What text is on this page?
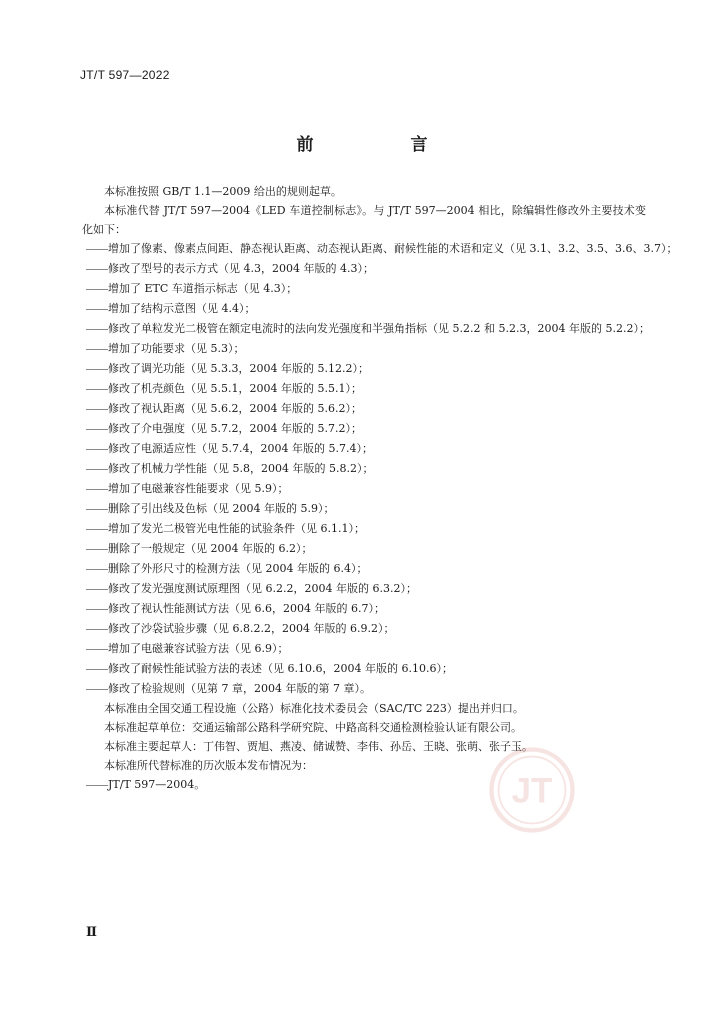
JT/T 597—2022
前　言

本标准按照 GB/T 1.1—2009 给出的规则起草。

本标准代替 JT/T 597—2004《LED 车道控制标志》。与 JT/T 597—2004 相比，除编辑性修改外主要技术变化如下：

——增加了像素、像素点间距、静态视认距离、动态视认距离、耐候性能的术语和定义（见 3.1、3.2、3.5、3.6、3.7）；

——修改了型号的表示方式（见 4.3，2004 年版的 4.3）；

——增加了 ETC 车道指示标志（见 4.3）；

——增加了结构示意图（见 4.4）；

——修改了单粒发光二极管在额定电流时的法向发光强度和半强角指标（见 5.2.2 和 5.2.3，2004 年版的 5.2.2）；

——增加了功能要求（见 5.3）；

——修改了调光功能（见 5.3.3，2004 年版的 5.12.2）；

——修改了机壳颜色（见 5.5.1，2004 年版的 5.5.1）；

——修改了视认距离（见 5.6.2，2004 年版的 5.6.2）；

——修改了介电强度（见 5.7.2，2004 年版的 5.7.2）；

——修改了电源适应性（见 5.7.4，2004 年版的 5.7.4）；

——修改了机械力学性能（见 5.8，2004 年版的 5.8.2）；

——增加了电磁兼容性能要求（见 5.9）；

——删除了引出线及色标（见 2004 年版的 5.9）；

——增加了发光二极管光电性能的试验条件（见 6.1.1）；

——删除了一般规定（见 2004 年版的 6.2）；

——删除了外形尺寸的检测方法（见 2004 年版的 6.4）；

——修改了发光强度测试原理图（见 6.2.2，2004 年版的 6.3.2）；

——修改了视认性能测试方法（见 6.6，2004 年版的 6.7）；

——修改了沙袋试验步骤（见 6.8.2.2，2004 年版的 6.9.2）；

——增加了电磁兼容试验方法（见 6.9）；

——修改了耐候性能试验方法的表述（见 6.10.6，2004 年版的 6.10.6）；

——修改了检验规则（见第 7 章，2004 年版的第 7 章）。

本标准由全国交通工程设施（公路）标准化技术委员会（SAC/TC 223）提出并归口。

本标准起草单位：交通运输部公路科学研究院、中路高科交通检测检验认证有限公司。

本标准主要起草人：丁伟智、贾旭、燕凌、储诚赞、李伟、孙岳、王晓、张萌、张子玉。

本标准所代替标准的历次版本发布情况为：

——JT/T 597—2004。	JT
Ⅱ
